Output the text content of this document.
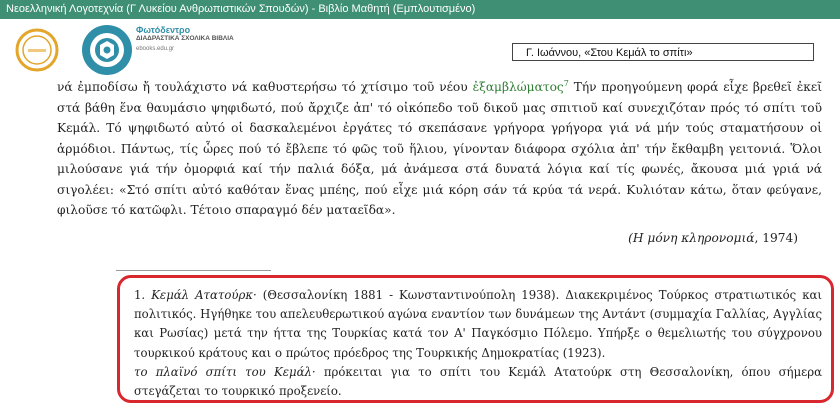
Νεοελληνική Λογοτεχνία (Γ Λυκείου Ανθρωπιστικών Σπουδών) - Βιβλίο Μαθητή (Εμπλουτισμένο)
Φωτόδεντρο
ΔΙΑΔΡΑΣΤΙΚΑ ΣΧΟΛΙΚΑ ΒΙΒΛΙΑ
ebooks.edu.gr	Γ. Ιωάννου, «Στου Κεμάλ το σπίτι»
νά ἐμποδίσω ἤ τουλάχιστο νά καθυστερήσω τό χτίσιμο τοῦ νέου ἐξαμβλώματος$^7$ Τήν προηγούμενη φορά εἶχε βρεθεῖ ἐκεῖ στά βάθη ἕνα θαυμάσιο ψηφιδωτό, πού ἄρχιζε ἀπ' τό οἰκόπεδο τοῦ δικοῦ μας σπιτιοῦ καί συνεχιζόταν πρός τό σπίτι τοῦ Κεμάλ. Τό ψηφιδωτό αὐτό οἱ δασκαλεμένοι ἐργάτες τό σκεπάσανε γρήγορα γρήγορα γιά νά μήν τούς σταματήσουν οἱ ἁρμόδιοι. Πάντως, τίς ὧρες πού τό ἔβλεπε τό φῶς τοῦ ἥλιου, γίνονταν διάφορα σχόλια ἀπ' τήν ἔκθαμβη γειτονιά. Ὅλοι μιλούσανε γιά τήν ὀμορφιά καί τήν παλιά δόξα, μά ἀνάμεσα στά δυνατά λόγια καί τίς φωνές, ἄκουσα μιά γριά νά σιγολέει: «Στό σπίτι αὐτό καθόταν ἕνας μπέης, πού εἶχε μιά κόρη σάν τά κρύα τά νερά. Κυλιόταν κάτω, ὅταν φεύγανε, φιλοῦσε τό κατῶφλι. Τέτοιο σπαραγμό δέν ματαεῖδα».
(Η μόνη κληρονομιά, 1974)
1. Κεμάλ Ατατούρκ· (Θεσσαλονίκη 1881 - Κωνσταντινούπολη 1938). Διακεκριμένος Τούρκος στρατιωτικός και πολιτικός. Ηγήθηκε του απελευθερωτικού αγώνα εναντίον των δυνάμεων της Αντάντ (συμμαχία Γαλλίας, Αγγλίας και Ρωσίας) μετά την ήττα της Τουρκίας κατά τον Α' Παγκόσμιο Πόλεμο. Υπήρξε ο θεμελιωτής του σύγχρονου τουρκικού κράτους και ο πρώτος πρόεδρος της Τουρκικής Δημοκρατίας (1923).
το πλαϊνό σπίτι του Κεμάλ· πρόκειται για το σπίτι του Κεμάλ Ατατούρκ στη Θεσσαλονίκη, όπου σήμερα στεγάζεται το τουρκικό προξενείο.
